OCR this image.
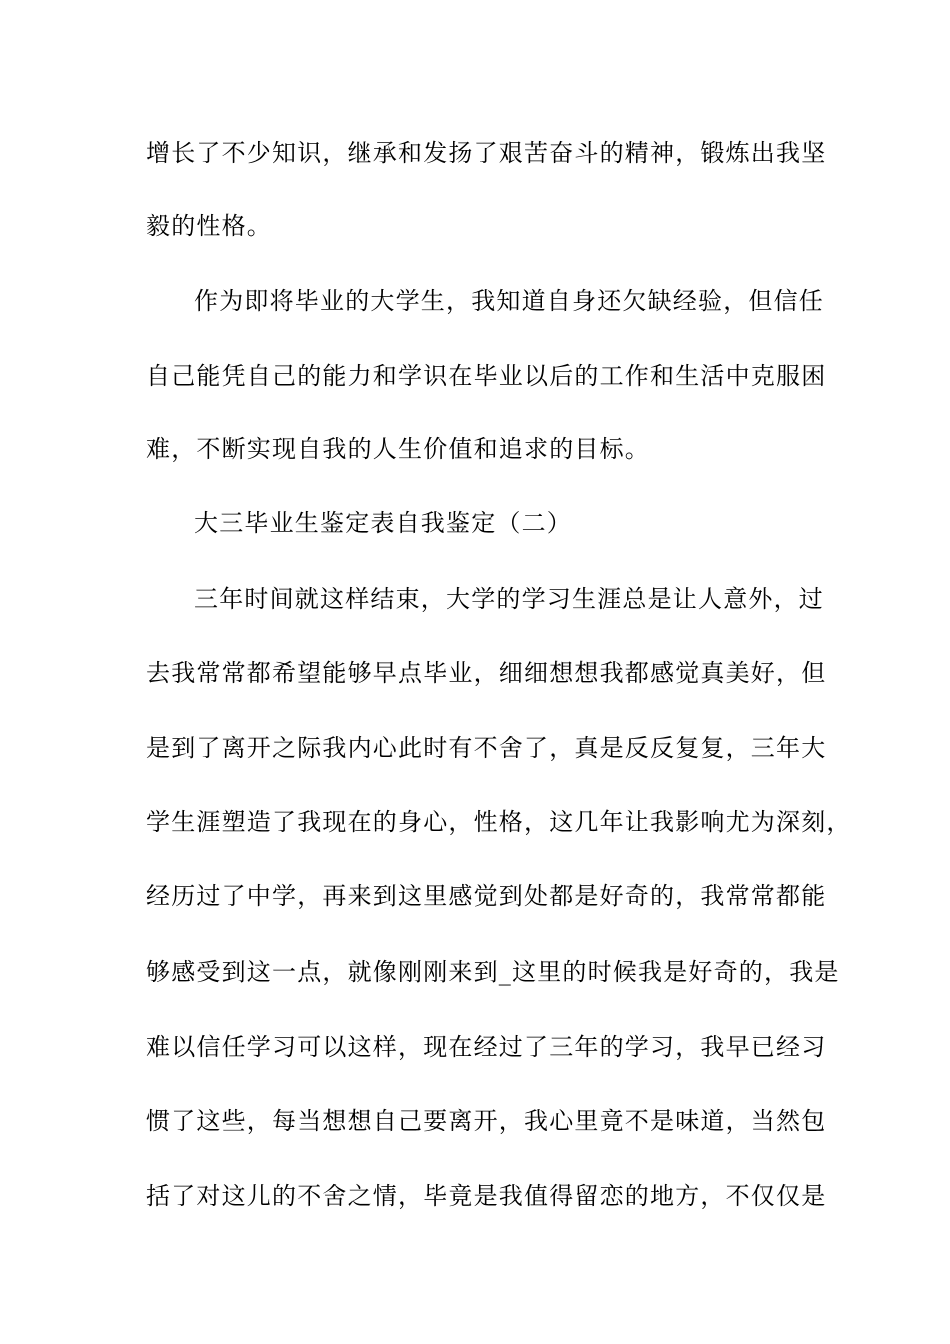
增长了不少知识，继承和发扬了艰苦奋斗的精神，锻炼出我坚
毅的性格。
作为即将毕业的大学生，我知道自身还欠缺经验，但信任
自己能凭自己的能力和学识在毕业以后的工作和生活中克服困
难，不断实现自我的人生价值和追求的目标。
大三毕业生鉴定表自我鉴定（二）
三年时间就这样结束，大学的学习生涯总是让人意外，过
去我常常都希望能够早点毕业，细细想想我都感觉真美好，但
是到了离开之际我内心此时有不舍了，真是反反复复，三年大
学生涯塑造了我现在的身心，性格，这几年让我影响尤为深刻，
经历过了中学，再来到这里感觉到处都是好奇的，我常常都能
够感受到这一点，就像刚刚来到_这里的时候我是好奇的，我是
难以信任学习可以这样，现在经过了三年的学习，我早已经习
惯了这些，每当想想自己要离开，我心里竟不是味道，当然包
括了对这儿的不舍之情，毕竟是我值得留恋的地方，不仅仅是
